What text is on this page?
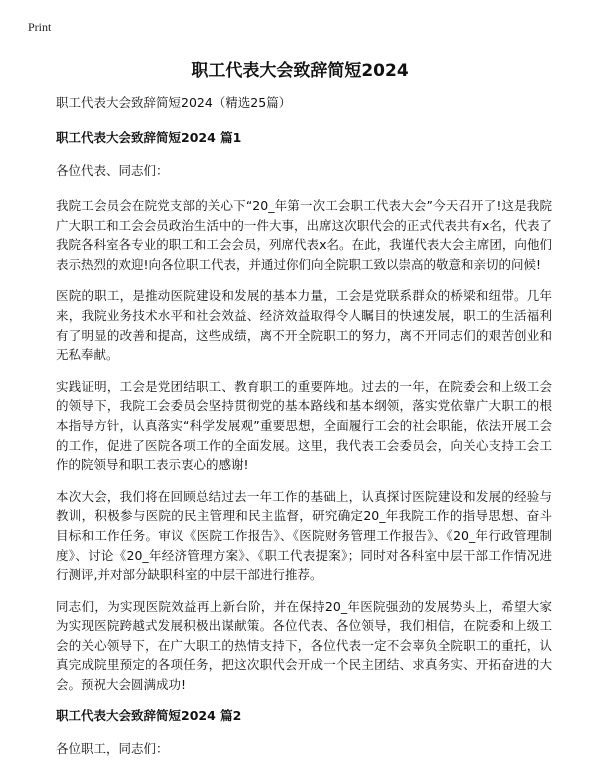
Print
职工代表大会致辞简短2024

职工代表大会致辞简短2024（精选25篇）

职工代表大会致辞简短2024 篇1

各位代表、同志们：

我院工会员会在院党支部的关心下“20_年第一次工会职工代表大会”今天召开了!这是我院广大职工和工会会员政治生活中的一件大事，出席这次职代会的正式代表共有x名，代表了我院各科室各专业的职工和工会会员，列席代表x名。在此，我谨代表大会主席团，向他们表示热烈的欢迎!向各位职工代表，并通过你们向全院职工致以崇高的敬意和亲切的问候!

医院的职工，是推动医院建设和发展的基本力量，工会是党联系群众的桥梁和纽带。几年来，我院业务技术水平和社会效益、经济效益取得令人瞩目的快速发展，职工的生活福利有了明显的改善和提高，这些成绩，离不开全院职工的努力，离不开同志们的艰苦创业和无私奉献。

实践证明，工会是党团结职工、教育职工的重要阵地。过去的一年，在院委会和上级工会的领导下，我院工会委员会坚持贯彻党的基本路线和基本纲领，落实党依靠广大职工的根本指导方针，认真落实“科学发展观”重要思想，全面履行工会的社会职能，依法开展工会的工作，促进了医院各项工作的全面发展。这里，我代表工会委员会，向关心支持工会工作的院领导和职工表示衷心的感谢!

本次大会，我们将在回顾总结过去一年工作的基础上，认真探讨医院建设和发展的经验与教训，积极参与医院的民主管理和民主监督，研究确定20_年我院工作的指导思想、奋斗目标和工作任务。审议《医院工作报告》、《医院财务管理工作报告》、《20_年行政管理制度》、讨论《20_年经济管理方案》、《职工代表提案》；同时对各科室中层干部工作情况进行测评,并对部分缺职科室的中层干部进行推荐。

同志们，为实现医院效益再上新台阶，并在保持20_年医院强劲的发展势头上，希望大家为实现医院跨越式发展积极出谋献策。各位代表、各位领导，我们相信，在院委和上级工会的关心领导下，在广大职工的热情支持下，各位代表一定不会辜负全院职工的重托，认真完成院里预定的各项任务，把这次职代会开成一个民主团结、求真务实、开拓奋进的大会。预祝大会圆满成功!

职工代表大会致辞简短2024 篇2

各位职工，同志们：
